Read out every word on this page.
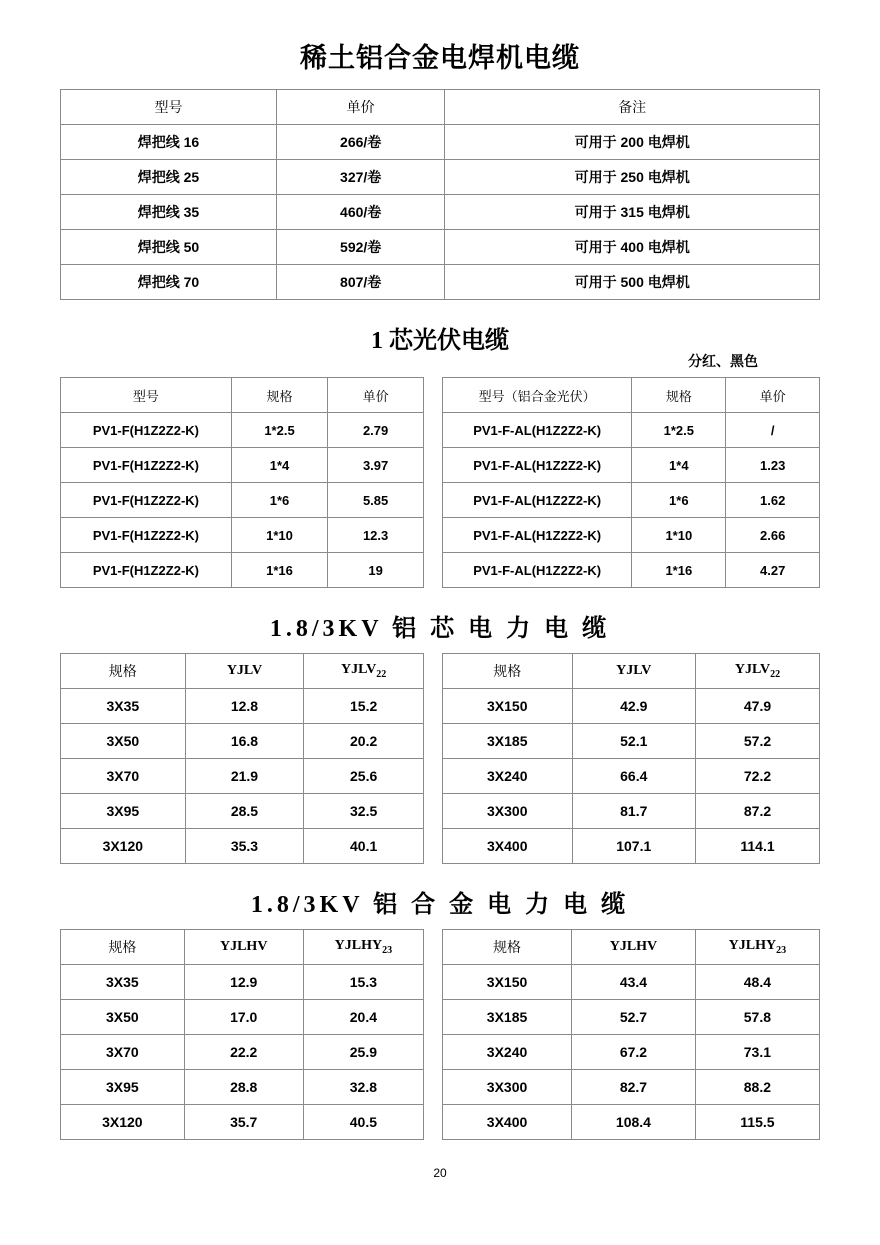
稀土铝合金电焊机电缆
型号	单价	备注
焊把线 16	266/卷	可用于 200 电焊机
焊把线 25	327/卷	可用于 250 电焊机
焊把线 35	460/卷	可用于 315 电焊机
焊把线 50	592/卷	可用于 400 电焊机
焊把线 70	807/卷	可用于 500 电焊机
1 芯光伏电缆
分红、黑色
型号	规格	单价
PV1-F(H1Z2Z2-K)	1*2.5	2.79
PV1-F(H1Z2Z2-K)	1*4	3.97
PV1-F(H1Z2Z2-K)	1*6	5.85
PV1-F(H1Z2Z2-K)	1*10	12.3
PV1-F(H1Z2Z2-K)	1*16	19
型号（铝合金光伏）	规格	单价
PV1-F-AL(H1Z2Z2-K)	1*2.5	/
PV1-F-AL(H1Z2Z2-K)	1*4	1.23
PV1-F-AL(H1Z2Z2-K)	1*6	1.62
PV1-F-AL(H1Z2Z2-K)	1*10	2.66
PV1-F-AL(H1Z2Z2-K)	1*16	4.27
1.8/3KV 铝 芯 电 力 电 缆
规格	YJLV	$YJLV_{22}$
3X35	12.8	15.2
3X50	16.8	20.2
3X70	21.9	25.6
3X95	28.5	32.5
3X120	35.3	40.1
规格	YJLV	$YJLV_{22}$
3X150	42.9	47.9
3X185	52.1	57.2
3X240	66.4	72.2
3X300	81.7	87.2
3X400	107.1	114.1
1.8/3KV 铝 合 金 电 力 电 缆
规格	YJLHV	$YJLHY_{23}$
3X35	12.9	15.3
3X50	17.0	20.4
3X70	22.2	25.9
3X95	28.8	32.8
3X120	35.7	40.5
规格	YJLHV	$YJLHY_{23}$
3X150	43.4	48.4
3X185	52.7	57.8
3X240	67.2	73.1
3X300	82.7	88.2
3X400	108.4	115.5
20
